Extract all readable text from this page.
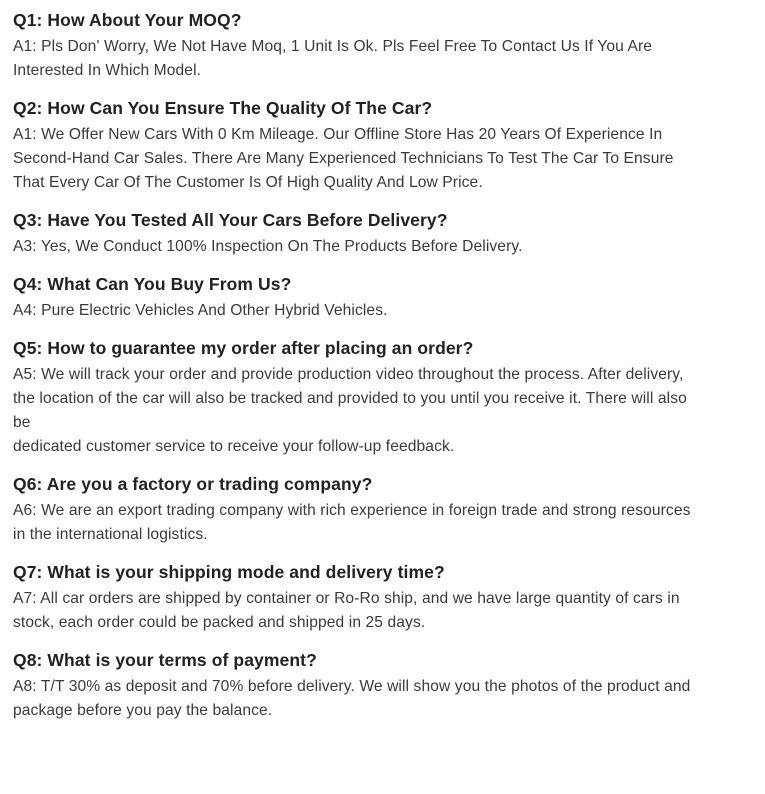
Q1: How About Your MOQ?
A1: Pls Don' Worry, We Not Have Moq, 1 Unit Is Ok. Pls Feel Free To Contact Us If You Are
Interested In Which Model.
Q2: How Can You Ensure The Quality Of The Car?
A1: We Offer New Cars With 0 Km Mileage. Our Offline Store Has 20 Years Of Experience In
Second-Hand Car Sales. There Are Many Experienced Technicians To Test The Car To Ensure
That Every Car Of The Customer Is Of High Quality And Low Price.
Q3: Have You Tested All Your Cars Before Delivery?
A3: Yes, We Conduct 100% Inspection On The Products Before Delivery.
Q4: What Can You Buy From Us?
A4: Pure Electric Vehicles And Other Hybrid Vehicles.
Q5: How to guarantee my order after placing an order?
A5: We will track your order and provide production video throughout the process. After delivery,
the location of the car will also be tracked and provided to you until you receive it. There will also
be
dedicated customer service to receive your follow-up feedback.
Q6: Are you a factory or trading company?
A6: We are an export trading company with rich experience in foreign trade and strong resources
in the international logistics.
Q7: What is your shipping mode and delivery time?
A7: All car orders are shipped by container or Ro-Ro ship, and we have large quantity of cars in
stock, each order could be packed and shipped in 25 days.
Q8: What is your terms of payment?
A8: T/T 30% as deposit and 70% before delivery. We will show you the photos of the product and
package before you pay the balance.
